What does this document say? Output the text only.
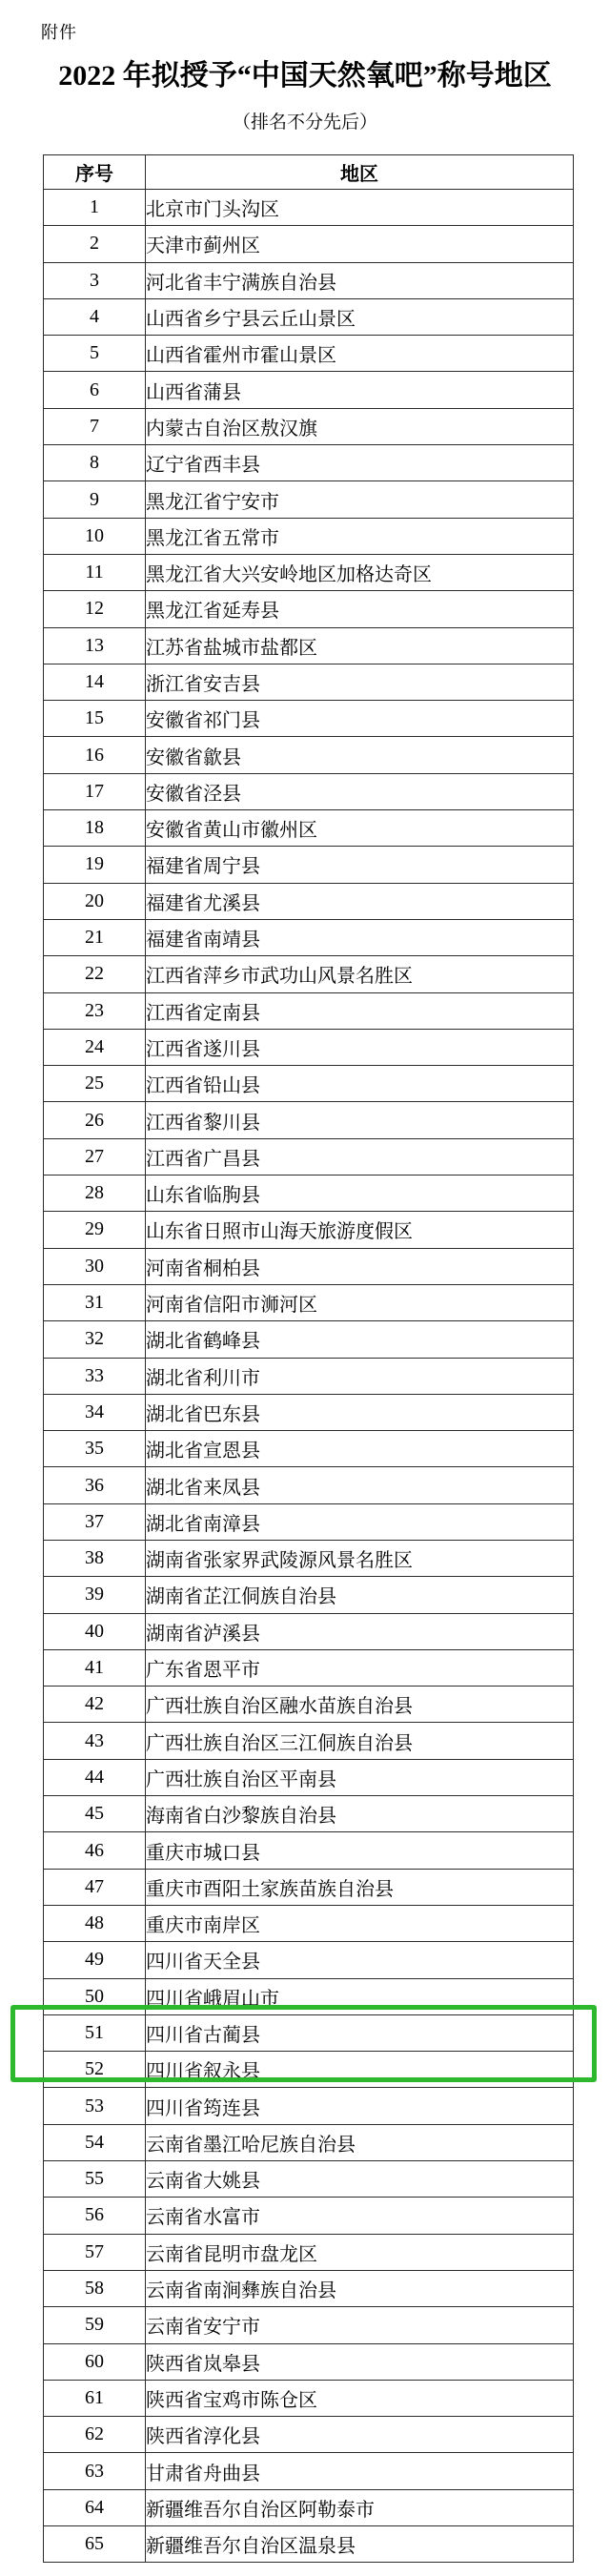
附件
2022 年拟授予“中国天然氧吧”称号地区
（排名不分先后）
序号	地区
1	北京市门头沟区
2	天津市蓟州区
3	河北省丰宁满族自治县
4	山西省乡宁县云丘山景区
5	山西省霍州市霍山景区
6	山西省蒲县
7	内蒙古自治区敖汉旗
8	辽宁省西丰县
9	黑龙江省宁安市
10	黑龙江省五常市
11	黑龙江省大兴安岭地区加格达奇区
12	黑龙江省延寿县
13	江苏省盐城市盐都区
14	浙江省安吉县
15	安徽省祁门县
16	安徽省歙县
17	安徽省泾县
18	安徽省黄山市徽州区
19	福建省周宁县
20	福建省尤溪县
21	福建省南靖县
22	江西省萍乡市武功山风景名胜区
23	江西省定南县
24	江西省遂川县
25	江西省铅山县
26	江西省黎川县
27	江西省广昌县
28	山东省临朐县
29	山东省日照市山海天旅游度假区
30	河南省桐柏县
31	河南省信阳市浉河区
32	湖北省鹤峰县
33	湖北省利川市
34	湖北省巴东县
35	湖北省宣恩县
36	湖北省来凤县
37	湖北省南漳县
38	湖南省张家界武陵源风景名胜区
39	湖南省芷江侗族自治县
40	湖南省泸溪县
41	广东省恩平市
42	广西壮族自治区融水苗族自治县
43	广西壮族自治区三江侗族自治县
44	广西壮族自治区平南县
45	海南省白沙黎族自治县
46	重庆市城口县
47	重庆市酉阳土家族苗族自治县
48	重庆市南岸区
49	四川省天全县
50	四川省峨眉山市
51	四川省古蔺县
52	四川省叙永县
53	四川省筠连县
54	云南省墨江哈尼族自治县
55	云南省大姚县
56	云南省水富市
57	云南省昆明市盘龙区
58	云南省南涧彝族自治县
59	云南省安宁市
60	陕西省岚皋县
61	陕西省宝鸡市陈仓区
62	陕西省淳化县
63	甘肃省舟曲县
64	新疆维吾尔自治区阿勒泰市
65	新疆维吾尔自治区温泉县
